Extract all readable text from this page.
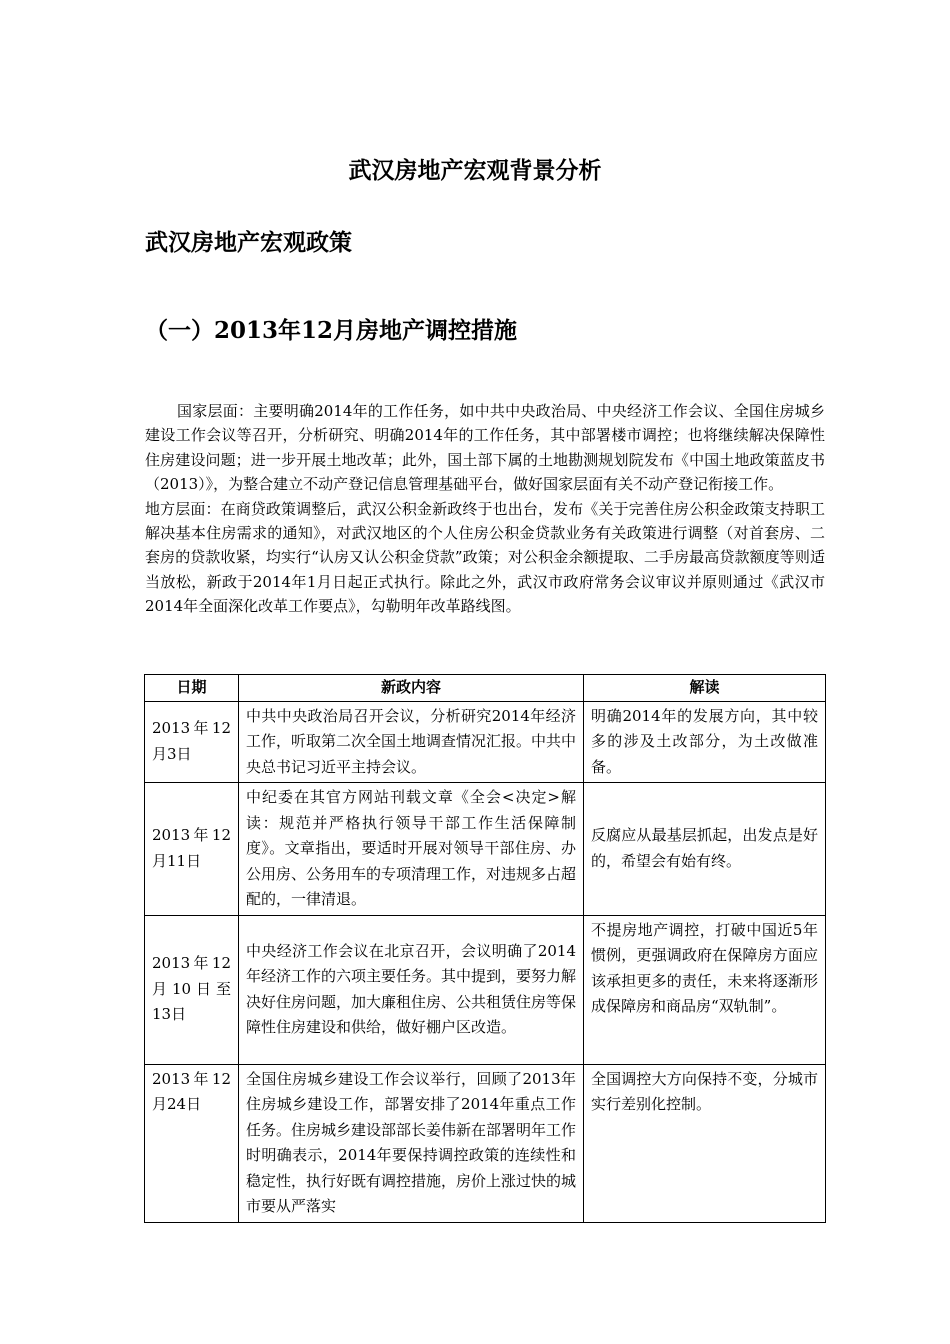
武汉房地产宏观背景分析
武汉房地产宏观政策
（一）2013年12月房地产调控措施

国家层面：主要明确2014年的工作任务，如中共中央政治局、中央经济工作会议、全国住房城乡建设工作会议等召开，分析研究、明确2014年的工作任务，其中部署楼市调控；也将继续解决保障性住房建设问题；进一步开展土地改革；此外，国土部下属的土地勘测规划院发布《中国土地政策蓝皮书（2013）》，为整合建立不动产登记信息管理基础平台，做好国家层面有关不动产登记衔接工作。

地方层面：在商贷政策调整后，武汉公积金新政终于也出台，发布《关于完善住房公积金政策支持职工解决基本住房需求的通知》，对武汉地区的个人住房公积金贷款业务有关政策进行调整（对首套房、二套房的贷款收紧，均实行“认房又认公积金贷款”政策；对公积金余额提取、二手房最高贷款额度等则适当放松，新政于2014年1月日起正式执行。除此之外，武汉市政府常务会议审议并原则通过《武汉市2014年全面深化改革工作要点》，勾勒明年改革路线图。

日期	新政内容	解读
2013年12月3日	中共中央政治局召开会议，分析研究2014年经济工作，听取第二次全国土地调查情况汇报。中共中央总书记习近平主持会议。	明确2014年的发展方向，其中较多的涉及土改部分，为土改做准备。
2013年12月11日	中纪委在其官方网站刊载文章《全会<决定>解读：规范并严格执行领导干部工作生活保障制度》。文章指出，要适时开展对领导干部住房、办公用房、公务用车的专项清理工作，对违规多占超配的，一律清退。	反腐应从最基层抓起，出发点是好的，希望会有始有终。
2013年12月10日至13日	中央经济工作会议在北京召开，会议明确了2014年经济工作的六项主要任务。其中提到，要努力解决好住房问题，加大廉租住房、公共租赁住房等保障性住房建设和供给，做好棚户区改造。	不提房地产调控，打破中国近5年惯例，更强调政府在保障房方面应该承担更多的责任，未来将逐渐形成保障房和商品房“双轨制”。
2013年12月24日	全国住房城乡建设工作会议举行，回顾了2013年住房城乡建设工作，部署安排了2014年重点工作任务。住房城乡建设部部长姜伟新在部署明年工作时明确表示，2014年要保持调控政策的连续性和稳定性，执行好既有调控措施，房价上涨过快的城市要从严落实	全国调控大方向保持不变，分城市实行差别化控制。
